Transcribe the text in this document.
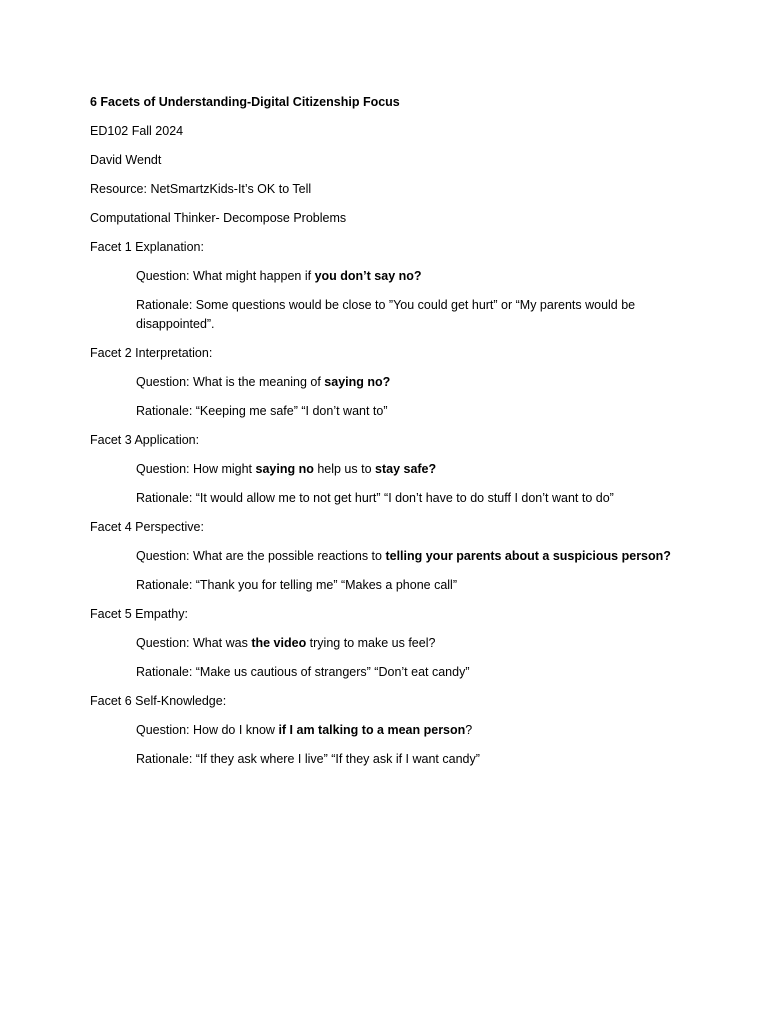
6 Facets of Understanding-Digital Citizenship Focus
ED102 Fall 2024
David Wendt
Resource: NetSmartzKids-It’s OK to Tell
Computational Thinker- Decompose Problems
Facet 1 Explanation:
Question: What might happen if you don’t say no?
Rationale: Some questions would be close to ”You could get hurt” or “My parents would be disappointed”.
Facet 2 Interpretation:
Question: What is the meaning of saying no?
Rationale: “Keeping me safe” “I don’t want to”
Facet 3 Application:
Question: How might saying no help us to stay safe?
Rationale: “It would allow me to not get hurt” “I don’t have to do stuff I don’t want to do”
Facet 4 Perspective:
Question: What are the possible reactions to telling your parents about a suspicious person?
Rationale: “Thank you for telling me” “Makes a phone call”
Facet 5 Empathy:
Question: What was the video trying to make us feel?
Rationale: “Make us cautious of strangers” “Don’t eat candy”
Facet 6 Self-Knowledge:
Question: How do I know if I am talking to a mean person?
Rationale: “If they ask where I live” “If they ask if I want candy”
